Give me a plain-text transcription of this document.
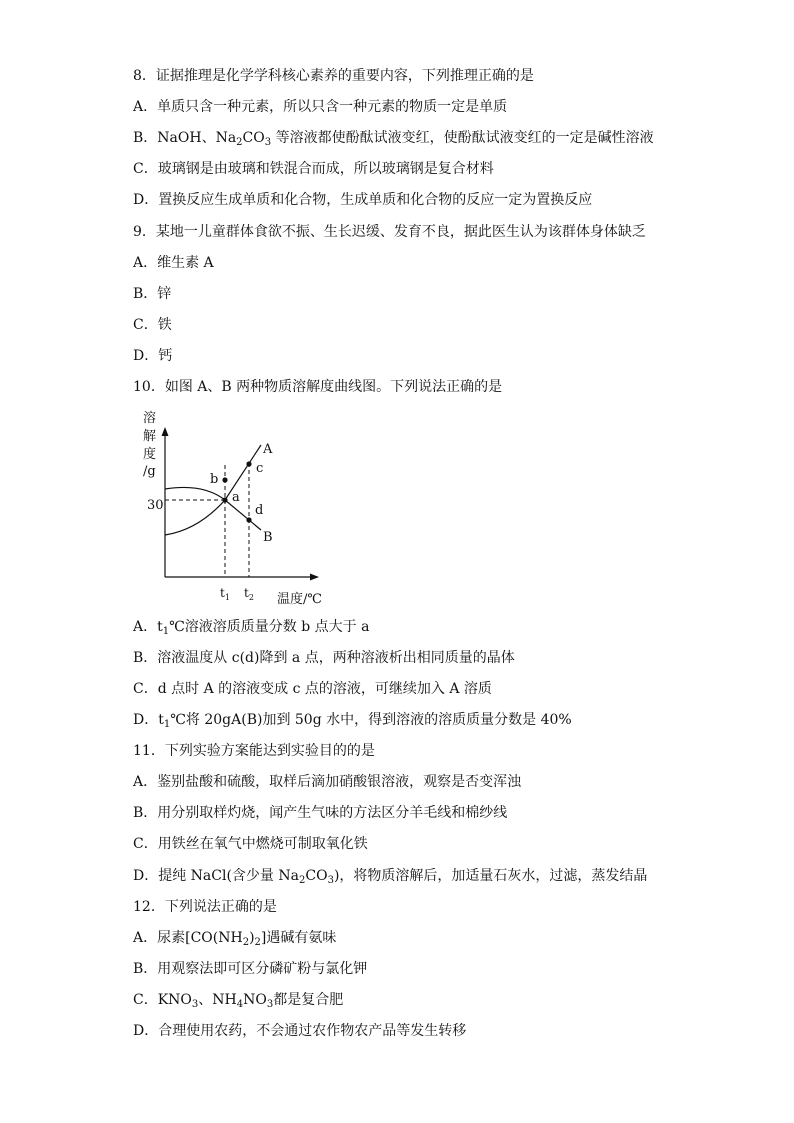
8．证据推理是化学学科核心素养的重要内容，下列推理正确的是
A．单质只含一种元素，所以只含一种元素的物质一定是单质
B．NaOH、$Na_2CO_3$ 等溶液都使酚酞试液变红，使酚酞试液变红的一定是碱性溶液
C．玻璃钢是由玻璃和铁混合而成，所以玻璃钢是复合材料
D．置换反应生成单质和化合物，生成单质和化合物的反应一定为置换反应
9．某地一儿童群体食欲不振、生长迟缓、发育不良，据此医生认为该群体身体缺乏
A．维生素 A
B．锌
C．铁
D．钙
10．如图 A、B 两种物质溶解度曲线图。下列说法正确的是
溶
解
度
/g
b
a
c
d
A
B
30
$t_1$ $t_2$ 温度/℃
A．$t_1℃$溶液溶质质量分数 b 点大于 a
B．溶液温度从 c(d)降到 a 点，两种溶液析出相同质量的晶体
C．d 点时 A 的溶液变成 c 点的溶液，可继续加入 A 溶质
D．$t_1℃$将 20gA(B)加到 50g 水中，得到溶液的溶质质量分数是 40%
11．下列实验方案能达到实验目的的是
A．鉴别盐酸和硫酸，取样后滴加硝酸银溶液，观察是否变浑浊
B．用分别取样灼烧，闻产生气味的方法区分羊毛线和棉纱线
C．用铁丝在氧气中燃烧可制取氧化铁
D．提纯 NaCl(含少量 $Na_2CO_3$)，将物质溶解后，加适量石灰水，过滤，蒸发结晶
12．下列说法正确的是
A．尿素$[CO(NH_2)_2]$遇碱有氨味
B．用观察法即可区分磷矿粉与氯化钾
C．$KNO_3$、$NH_4NO_3$都是复合肥
D．合理使用农药，不会通过农作物农产品等发生转移
